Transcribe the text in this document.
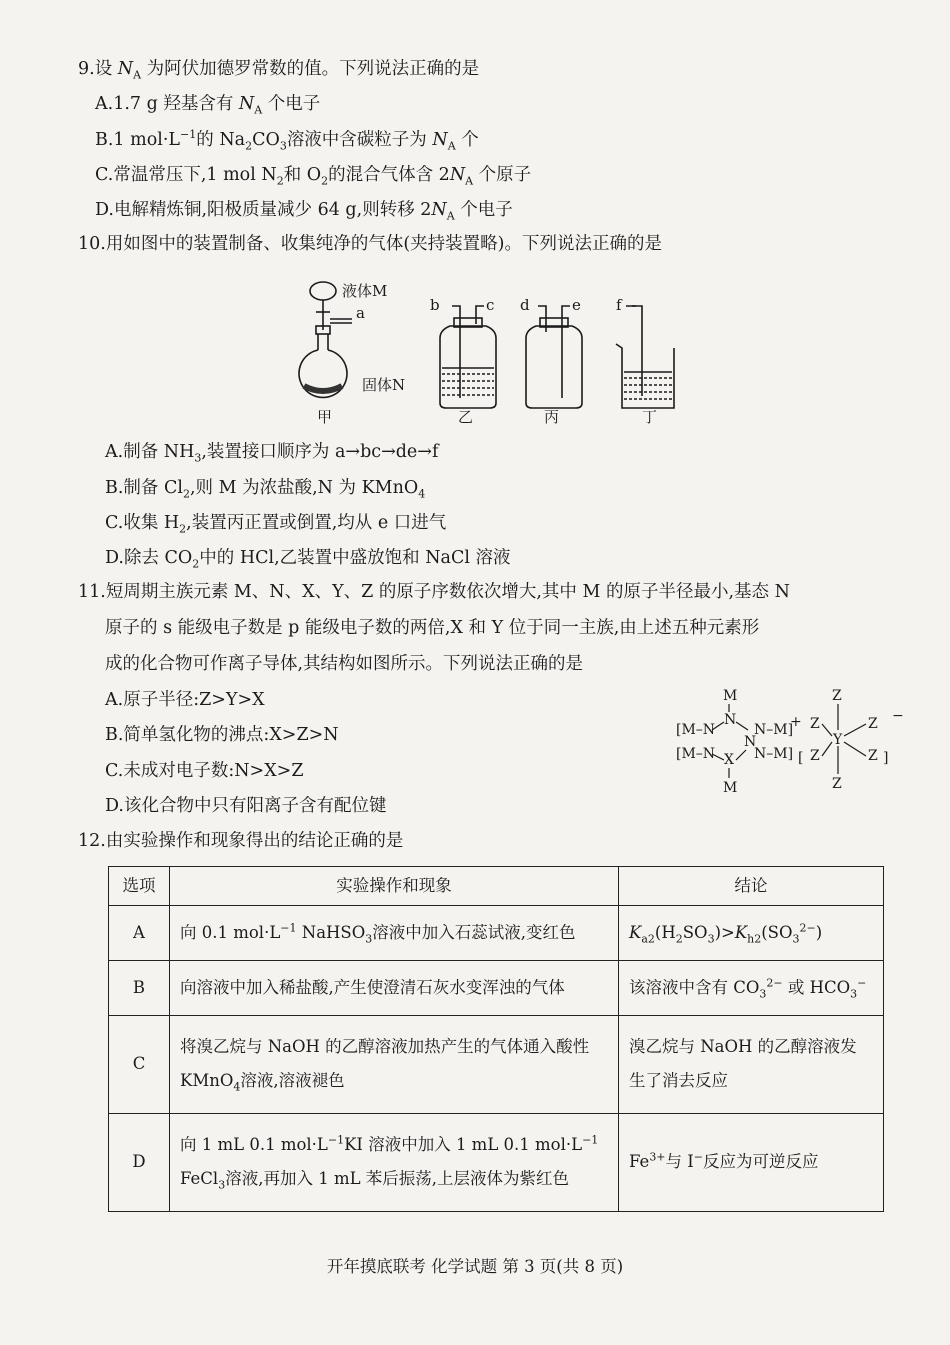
9.设 $N_A$ 为阿伏加德罗常数的值。下列说法正确的是
A.1.7 g 羟基含有 $N_A$ 个电子
B.1 $mol\cdot L^{-1}$的 $Na_2CO_3$溶液中含碳粒子为 $N_A$ 个
C.常温常压下,1 mol $N_2$和 $O_2$的混合气体含 $2N_A$ 个原子
D.电解精炼铜,阳极质量减少 64 g,则转移 $2N_A$ 个电子
10.用如图中的装置制备、收集纯净的气体(夹持装置略)。下列说法正确的是
液体M
a
固体N
甲
b	c
乙
d	e
丙
f
丁
A.制备 $NH_3$,装置接口顺序为 a→bc→de→f
B.制备 $Cl_2$,则 M 为浓盐酸,N 为 KMnO$_4$
C.收集 $H_2$,装置丙正置或倒置,均从 e 口进气
D.除去 $CO_2$中的 HCl,乙装置中盛放饱和 NaCl 溶液
11.短周期主族元素 M、N、X、Y、Z 的原子序数依次增大,其中 M 的原子半径最小,基态 N
原子的 s 能级电子数是 p 能级电子数的两倍,X 和 Y 位于同一主族,由上述五种元素形
成的化合物可作离子导体,其结构如图所示。下列说法正确的是
A.原子半径:Z>Y>X
B.简单氢化物的沸点:X>Z>N
C.未成对电子数:N>X>Z
D.该化合物中只有阳离子含有配位键
M
N
[M–N	N–M]
[M–N	N–M]
X
N
M
+
[	]
Z
Z	Z
Y
Z	Z
Z
−
12.由实验操作和现象得出的结论正确的是
选项	实验操作和现象	结论
A	向 0.1 $mol\cdot L^{-1}$ NaHSO$_3$溶液中加入石蕊试液,变红色	$K_{a2}(H_2SO_3)>K_{h2}(SO_3^{2-})$
B	向溶液中加入稀盐酸,产生使澄清石灰水变浑浊的气体	该溶液中含有 $CO_3^{2-}$ 或 $HCO_3^-$
C	将溴乙烷与 NaOH 的乙醇溶液加热产生的气体通入酸性 KMnO$_4$溶液,溶液褪色	溴乙烷与 NaOH 的乙醇溶液发生了消去反应
D	向 1 mL 0.1 $mol\cdot L^{-1}KI$ 溶液中加入 1 mL 0.1 $mol\cdot L^{-1}$ FeCl$_3$溶液,再加入 1 mL 苯后振荡,上层液体为紫红色	$Fe^{3+}$与 I−反应为可逆反应
开年摸底联考 化学试题 第 3 页(共 8 页)
